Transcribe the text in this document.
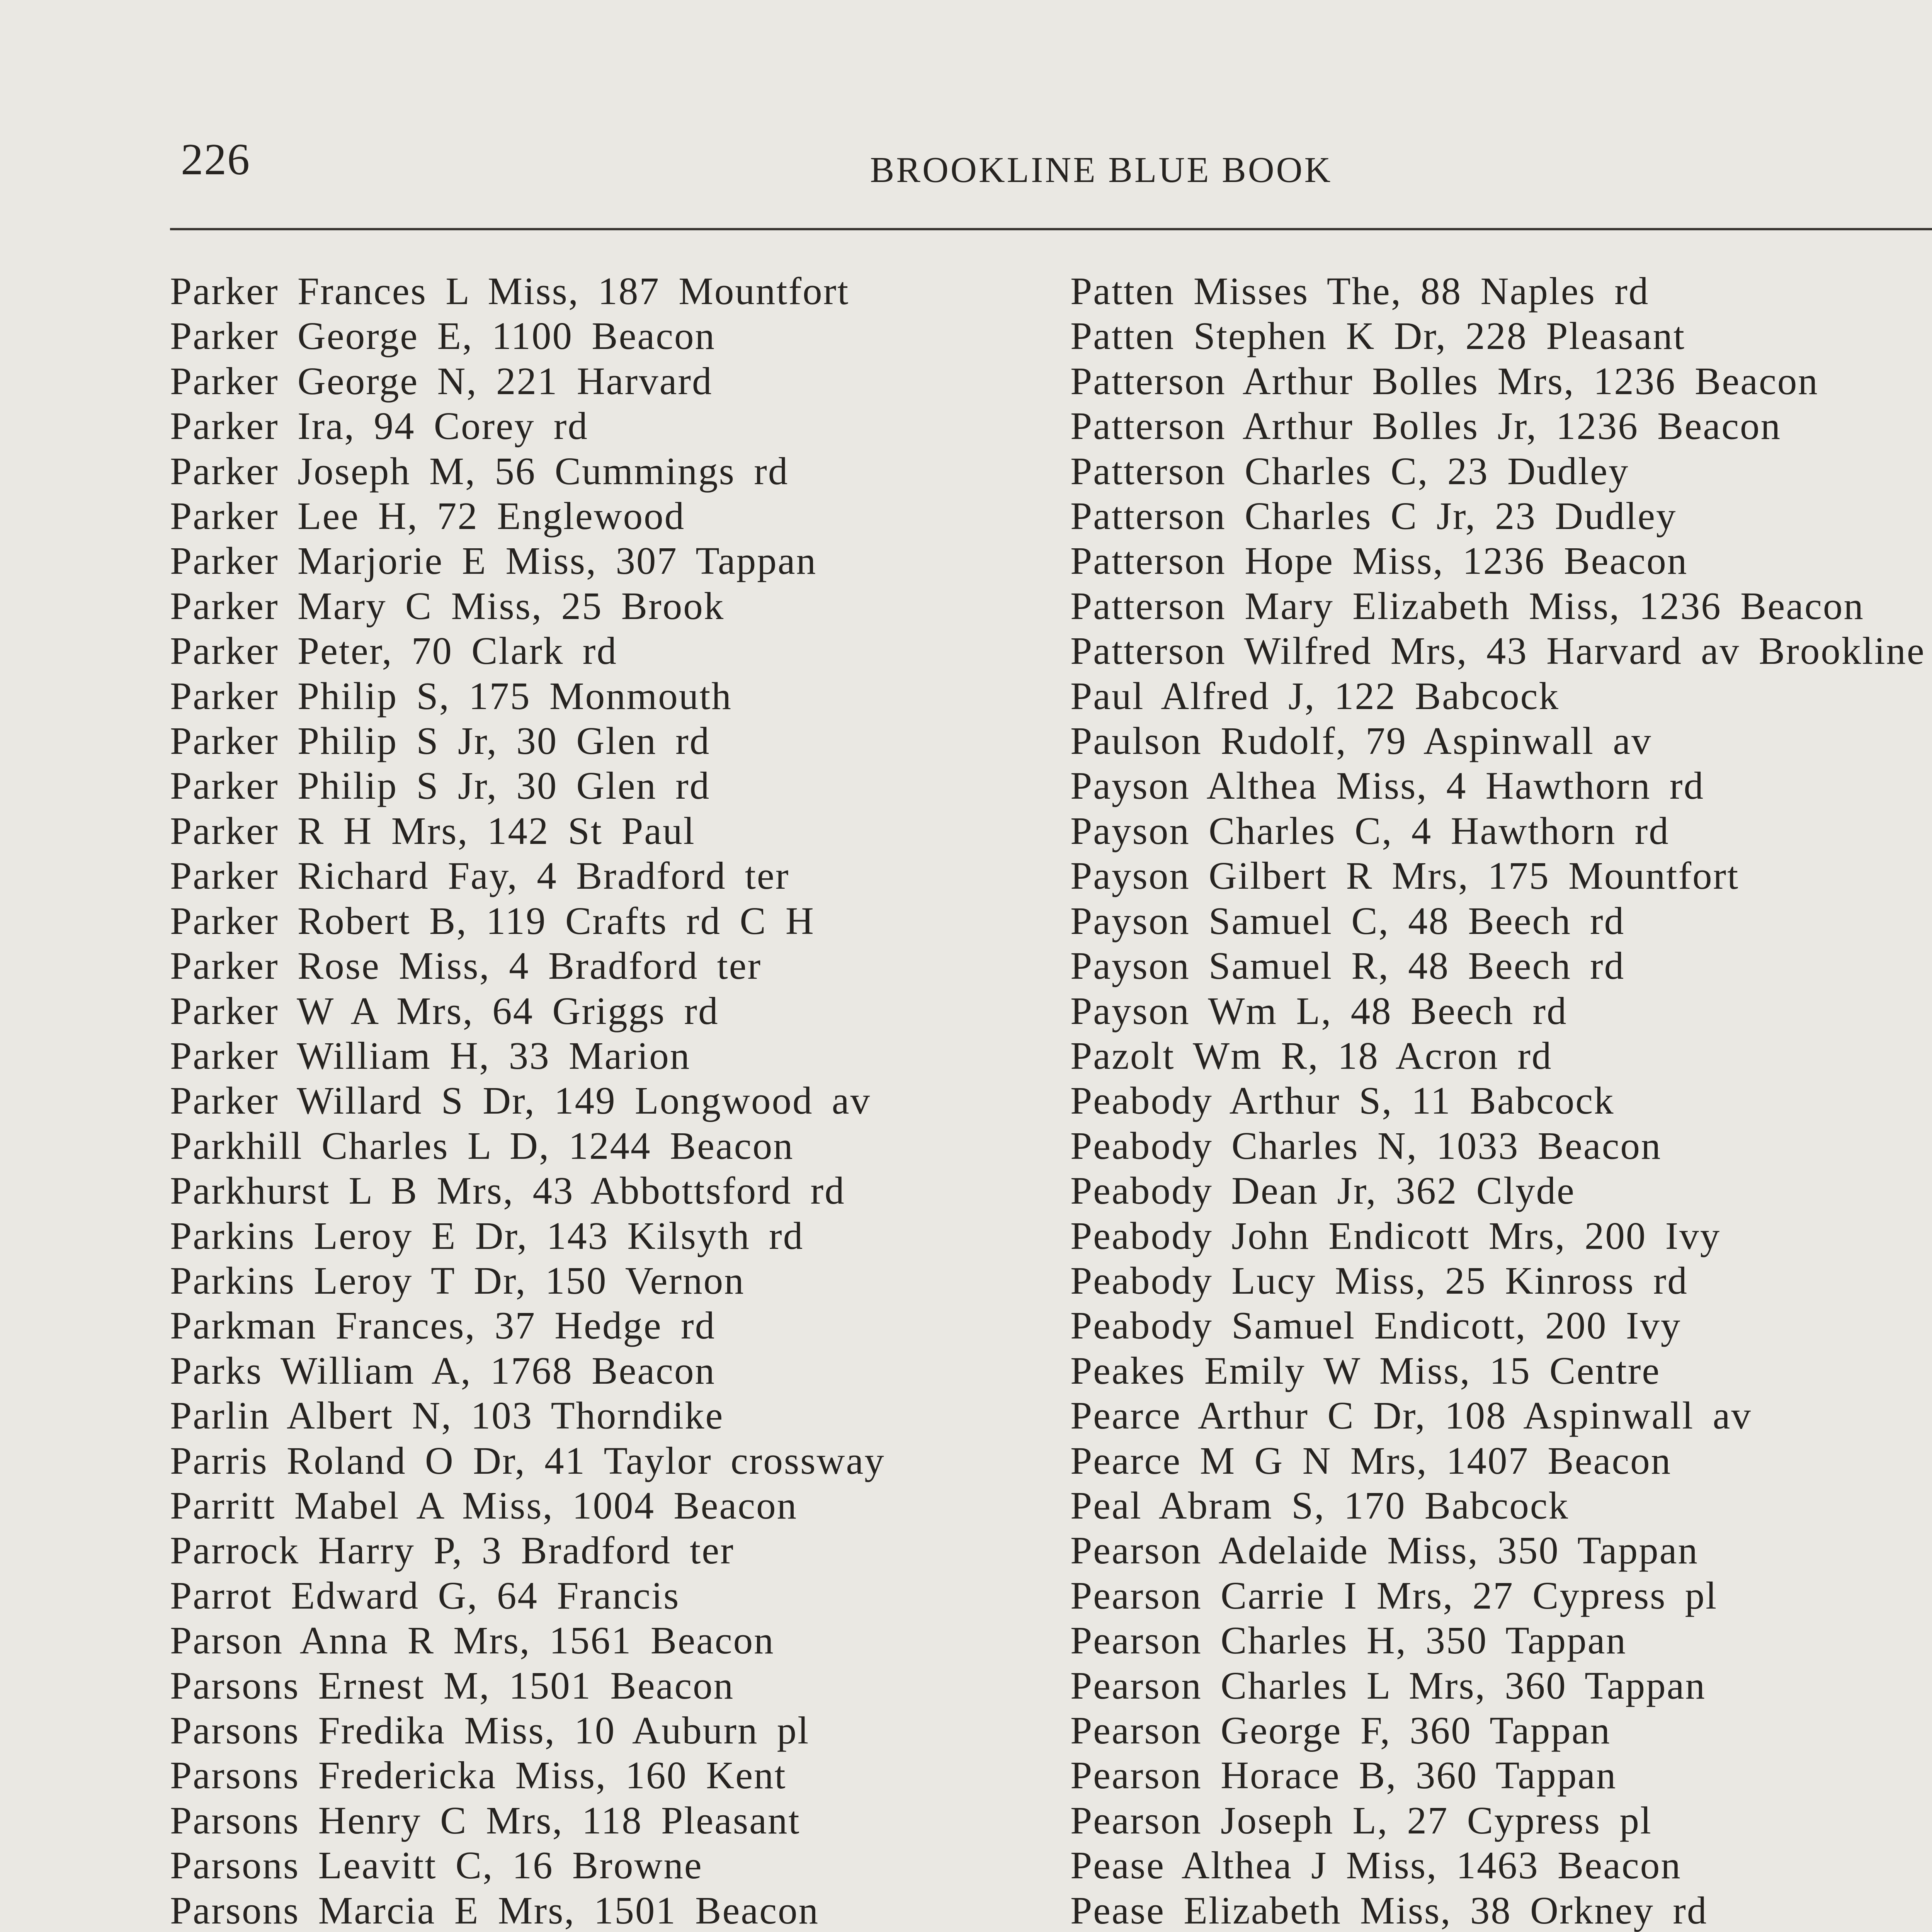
226	BROOKLINE BLUE BOOK
Parker Frances L Miss, 187 Mountfort
Parker George E, 1100 Beacon
Parker George N, 221 Harvard
Parker Ira, 94 Corey rd
Parker Joseph M, 56 Cummings rd
Parker Lee H, 72 Englewood
Parker Marjorie E Miss, 307 Tappan
Parker Mary C Miss, 25 Brook
Parker Peter, 70 Clark rd
Parker Philip S, 175 Monmouth
Parker Philip S Jr, 30 Glen rd
Parker Philip S Jr, 30 Glen rd
Parker R H Mrs, 142 St Paul
Parker Richard Fay, 4 Bradford ter
Parker Robert B, 119 Crafts rd C H
Parker Rose Miss, 4 Bradford ter
Parker W A Mrs, 64 Griggs rd
Parker William H, 33 Marion
Parker Willard S Dr, 149 Longwood av
Parkhill Charles L D, 1244 Beacon
Parkhurst L B Mrs, 43 Abbottsford rd
Parkins Leroy E Dr, 143 Kilsyth rd
Parkins Leroy T Dr, 150 Vernon
Parkman Frances, 37 Hedge rd
Parks William A, 1768 Beacon
Parlin Albert N, 103 Thorndike
Parris Roland O Dr, 41 Taylor crossway
Parritt Mabel A Miss, 1004 Beacon
Parrock Harry P, 3 Bradford ter
Parrot Edward G, 64 Francis
Parson Anna R Mrs, 1561 Beacon
Parsons Ernest M, 1501 Beacon
Parsons Fredika Miss, 10 Auburn pl
Parsons Fredericka Miss, 160 Kent
Parsons Henry C Mrs, 118 Pleasant
Parsons Leavitt C, 16 Browne
Parsons Marcia E Mrs, 1501 Beacon
Patten Misses The, 88 Naples rd
Patten Stephen K Dr, 228 Pleasant
Patterson Arthur Bolles Mrs, 1236 Beacon
Patterson Arthur Bolles Jr, 1236 Beacon
Patterson Charles C, 23 Dudley
Patterson Charles C Jr, 23 Dudley
Patterson Hope Miss, 1236 Beacon
Patterson Mary Elizabeth Miss, 1236 Beacon
Patterson Wilfred Mrs, 43 Harvard av Brookline
Paul Alfred J, 122 Babcock
Paulson Rudolf, 79 Aspinwall av
Payson Althea Miss, 4 Hawthorn rd
Payson Charles C, 4 Hawthorn rd
Payson Gilbert R Mrs, 175 Mountfort
Payson Samuel C, 48 Beech rd
Payson Samuel R, 48 Beech rd
Payson Wm L, 48 Beech rd
Pazolt Wm R, 18 Acron rd
Peabody Arthur S, 11 Babcock
Peabody Charles N, 1033 Beacon
Peabody Dean Jr, 362 Clyde
Peabody John Endicott Mrs, 200 Ivy
Peabody Lucy Miss, 25 Kinross rd
Peabody Samuel Endicott, 200 Ivy
Peakes Emily W Miss, 15 Centre
Pearce Arthur C Dr, 108 Aspinwall av
Pearce M G N Mrs, 1407 Beacon
Peal Abram S, 170 Babcock
Pearson Adelaide Miss, 350 Tappan
Pearson Carrie I Mrs, 27 Cypress pl
Pearson Charles H, 350 Tappan
Pearson Charles L Mrs, 360 Tappan
Pearson George F, 360 Tappan
Pearson Horace B, 360 Tappan
Pearson Joseph L, 27 Cypress pl
Pease Althea J Miss, 1463 Beacon
Pease Elizabeth Miss, 38 Orkney rd
